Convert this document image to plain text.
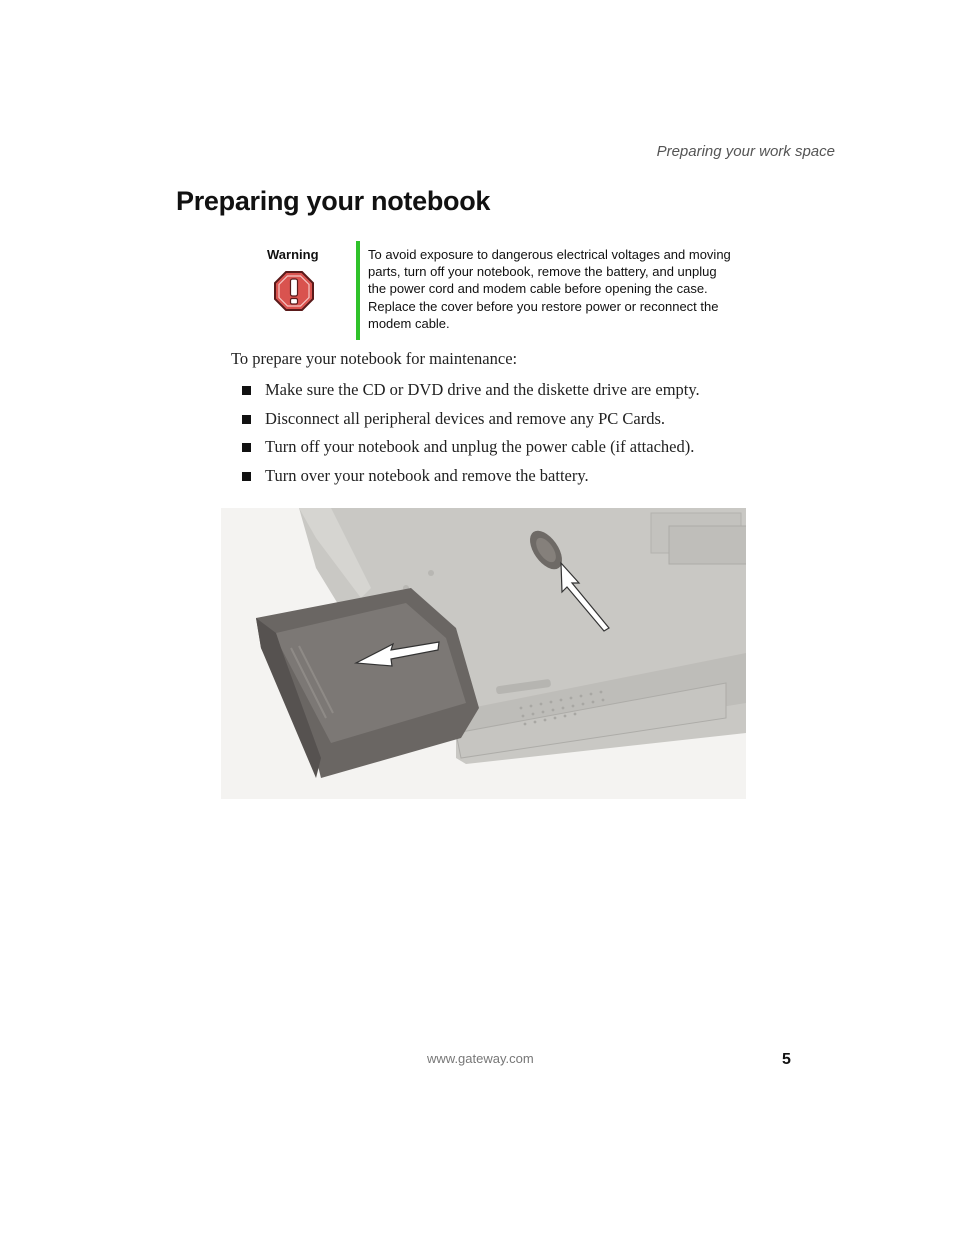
Preparing your work space
Preparing your notebook
Warning	To avoid exposure to dangerous electrical voltages and moving parts, turn off your notebook, remove the battery, and unplug the power cord and modem cable before opening the case. Replace the cover before you restore power or reconnect the modem cable.

To prepare your notebook for maintenance:

Make sure the CD or DVD drive and the diskette drive are empty.
Disconnect all peripheral devices and remove any PC Cards.
Turn off your notebook and unplug the power cable (if attached).
Turn over your notebook and remove the battery.
www.gateway.com	5
